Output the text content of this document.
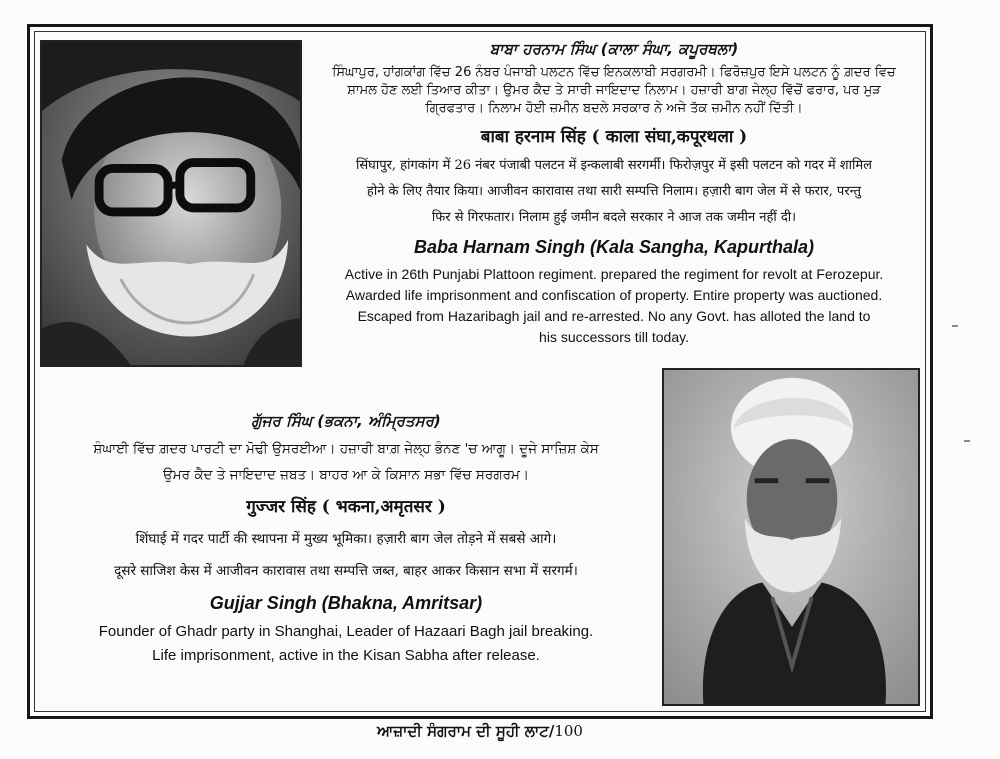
ਬਾਬਾ ਹਰਨਾਮ ਸਿੰਘ (ਕਾਲਾ ਸੰਘਾ, ਕਪੂਰਥਲਾ)

ਸਿੰਘਾਪੁਰ, ਹਾਂਗਕਾਂਗ ਵਿੱਚ 26 ਨੰਬਰ ਪੰਜਾਬੀ ਪਲਟਨ ਵਿੱਚ ਇਨਕਲਾਬੀ ਸਰਗਰਮੀ। ਫਿਰੋਜ਼ਪੁਰ ਇਸੇ ਪਲਟਨ ਨੂੰ ਗ਼ਦਰ ਵਿਚ

ਸ਼ਾਮਲ ਹੋਣ ਲਈ ਤਿਆਰ ਕੀਤਾ। ਉਮਰ ਕੈਦ ਤੇ ਸਾਰੀ ਜਾਇਦਾਦ ਨਿਲਾਮ। ਹਜ਼ਾਰੀ ਬਾਗ ਜੇਲ੍ਹ ਵਿੱਚੋਂ ਫਰਾਰ, ਪਰ ਮੁੜ

ਗ੍ਰਿਫਤਾਰ। ਨਿਲਾਮ ਹੋਈ ਜ਼ਮੀਨ ਬਦਲੇ ਸਰਕਾਰ ਨੇ ਅਜੇ ਤੱਕ ਜ਼ਮੀਨ ਨਹੀਂ ਦਿੱਤੀ।

बाबा हरनाम सिंह ( काला संघा,कपूरथला )

सिंघापुर, हांगकांग में 26 नंबर पंजाबी पलटन में इन्कलाबी सरगर्मी। फिरोज़पुर में इसी पलटन को गदर में शामिल

होने के लिए तैयार किया। आजीवन कारावास तथा सारी सम्पत्ति निलाम। हज़ारी बाग जेल में से फरार, परन्तु

फिर से गिरफतार। निलाम हुई जमीन बदले सरकार ने आज तक जमीन नहीं दी।

Baba Harnam Singh (Kala Sangha, Kapurthala)

Active in 26th Punjabi Plattoon regiment. prepared the regiment for revolt at Ferozepur.

Awarded life imprisonment and confiscation of property. Entire property was auctioned.

Escaped from Hazaribagh jail and re-arrested. No any Govt. has alloted the land to

his successors till today.

ਗੁੱਜਰ ਸਿੰਘ (ਭਕਨਾ, ਅੰਮ੍ਰਿਤਸਰ)

ਸ਼ੰਘਾਈ ਵਿੱਚ ਗ਼ਦਰ ਪਾਰਟੀ ਦਾ ਮੋਢੀ ਉਸਰਈਆ। ਹਜ਼ਾਰੀ ਬਾਗ਼ ਜੇਲ੍ਹ ਭੰਨਣ 'ਚ ਆਗੂ। ਦੂਜੇ ਸਾਜ਼ਿਸ਼ ਕੇਸ

ਉਮਰ ਕੈਦ ਤੇ ਜਾਇਦਾਦ ਜ਼ਬਤ। ਬਾਹਰ ਆ ਕੇ ਕਿਸਾਨ ਸਭਾ ਵਿੱਚ ਸਰਗਰਮ।

गुज्जर सिंह ( भकना,अमृतसर )

शिंघाई में गदर पार्टी की स्थापना में मुख्य भूमिका। हज़ारी बाग जेल तोड़ने में सबसे आगे।

दूसरे साजिश केस में आजीवन कारावास तथा सम्पत्ति जब्त, बाहर आकर किसान सभा में सरगर्म।

Gujjar Singh (Bhakna, Amritsar)

Founder of Ghadr party in Shanghai, Leader of Hazaari Bagh jail breaking.

Life imprisonment, active in the Kisan Sabha after release.

ਆਜ਼ਾਦੀ ਸੰਗਰਾਮ ਦੀ ਸੂਹੀ ਲਾਟ/100
